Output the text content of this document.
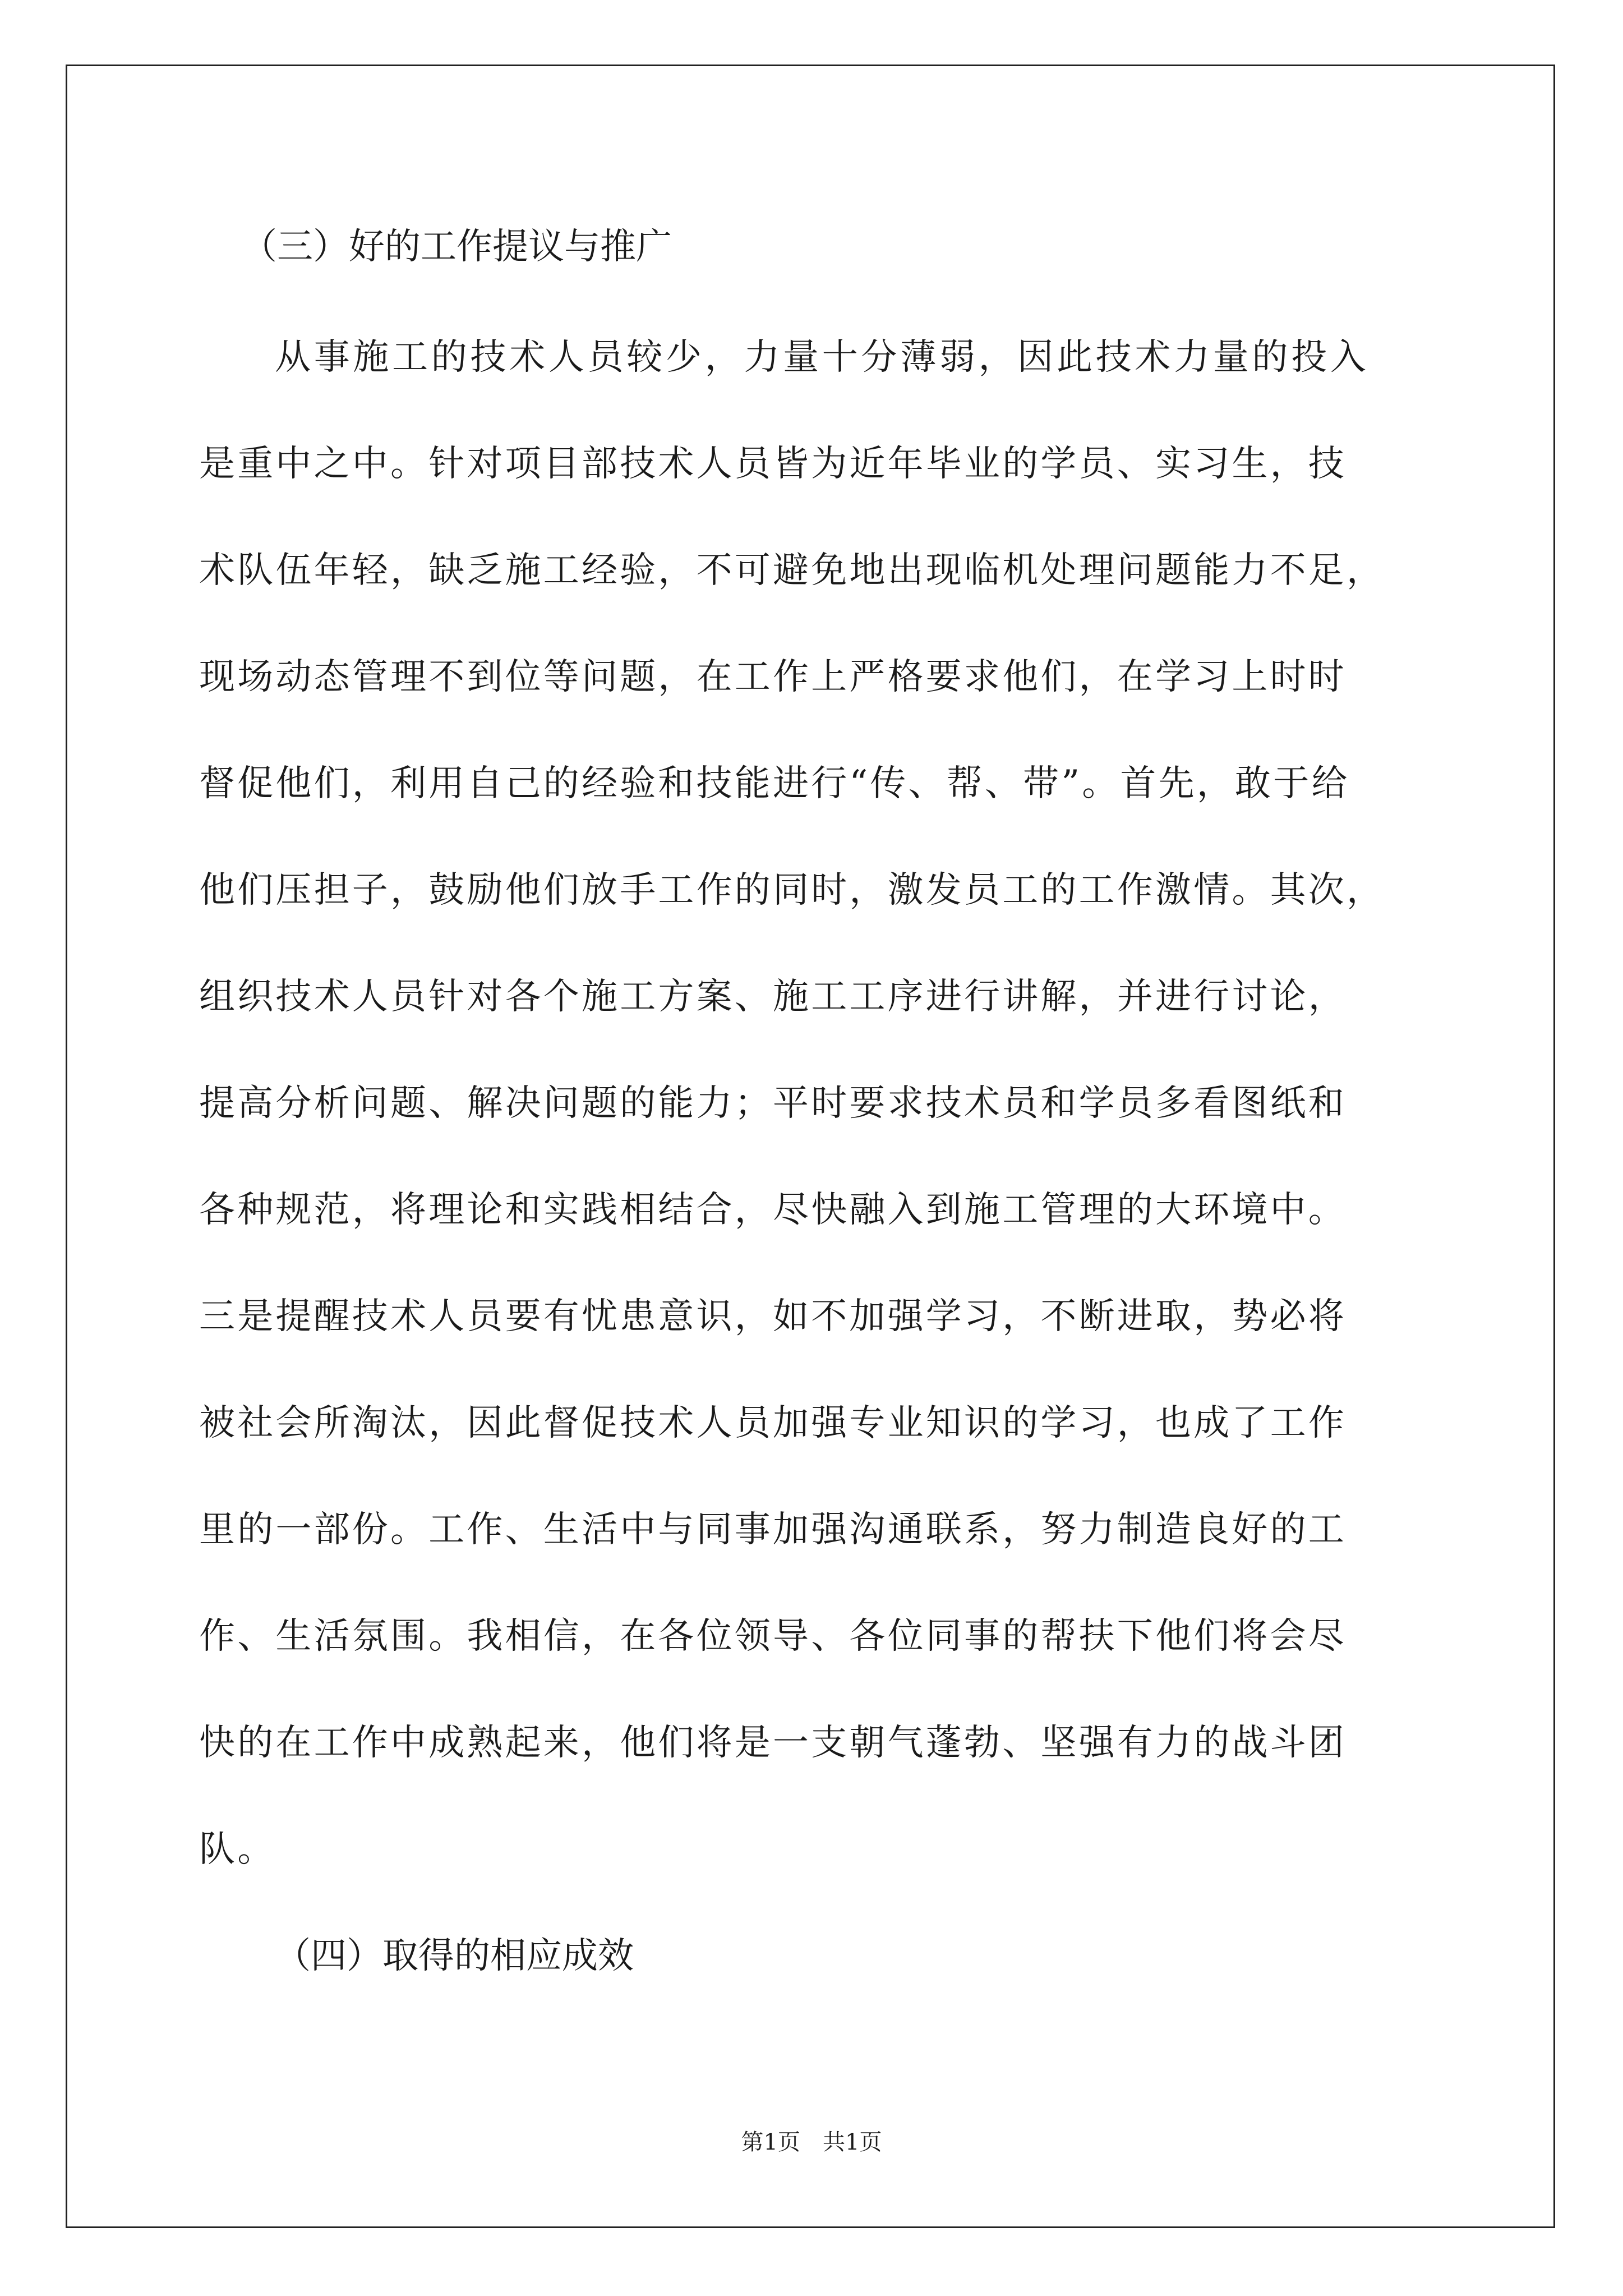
（三）好的工作提议与推广
从事施工的技术人员较少，力量十分薄弱，因此技术力量的投入
是重中之中。针对项目部技术人员皆为近年毕业的学员、实习生，技
术队伍年轻，缺乏施工经验，不可避免地出现临机处理问题能力不足，
现场动态管理不到位等问题，在工作上严格要求他们，在学习上时时
督促他们，利用自己的经验和技能进行“传、帮、带”。首先，敢于给
他们压担子，鼓励他们放手工作的同时，激发员工的工作激情。其次，
组织技术人员针对各个施工方案、施工工序进行讲解，并进行讨论，
提高分析问题、解决问题的能力；平时要求技术员和学员多看图纸和
各种规范，将理论和实践相结合，尽快融入到施工管理的大环境中。
三是提醒技术人员要有忧患意识，如不加强学习，不断进取，势必将
被社会所淘汰，因此督促技术人员加强专业知识的学习，也成了工作
里的一部份。工作、生活中与同事加强沟通联系，努力制造良好的工
作、生活氛围。我相信，在各位领导、各位同事的帮扶下他们将会尽
快的在工作中成熟起来，他们将是一支朝气蓬勃、坚强有力的战斗团
队。
（四）取得的相应成效
第1页　共1页
